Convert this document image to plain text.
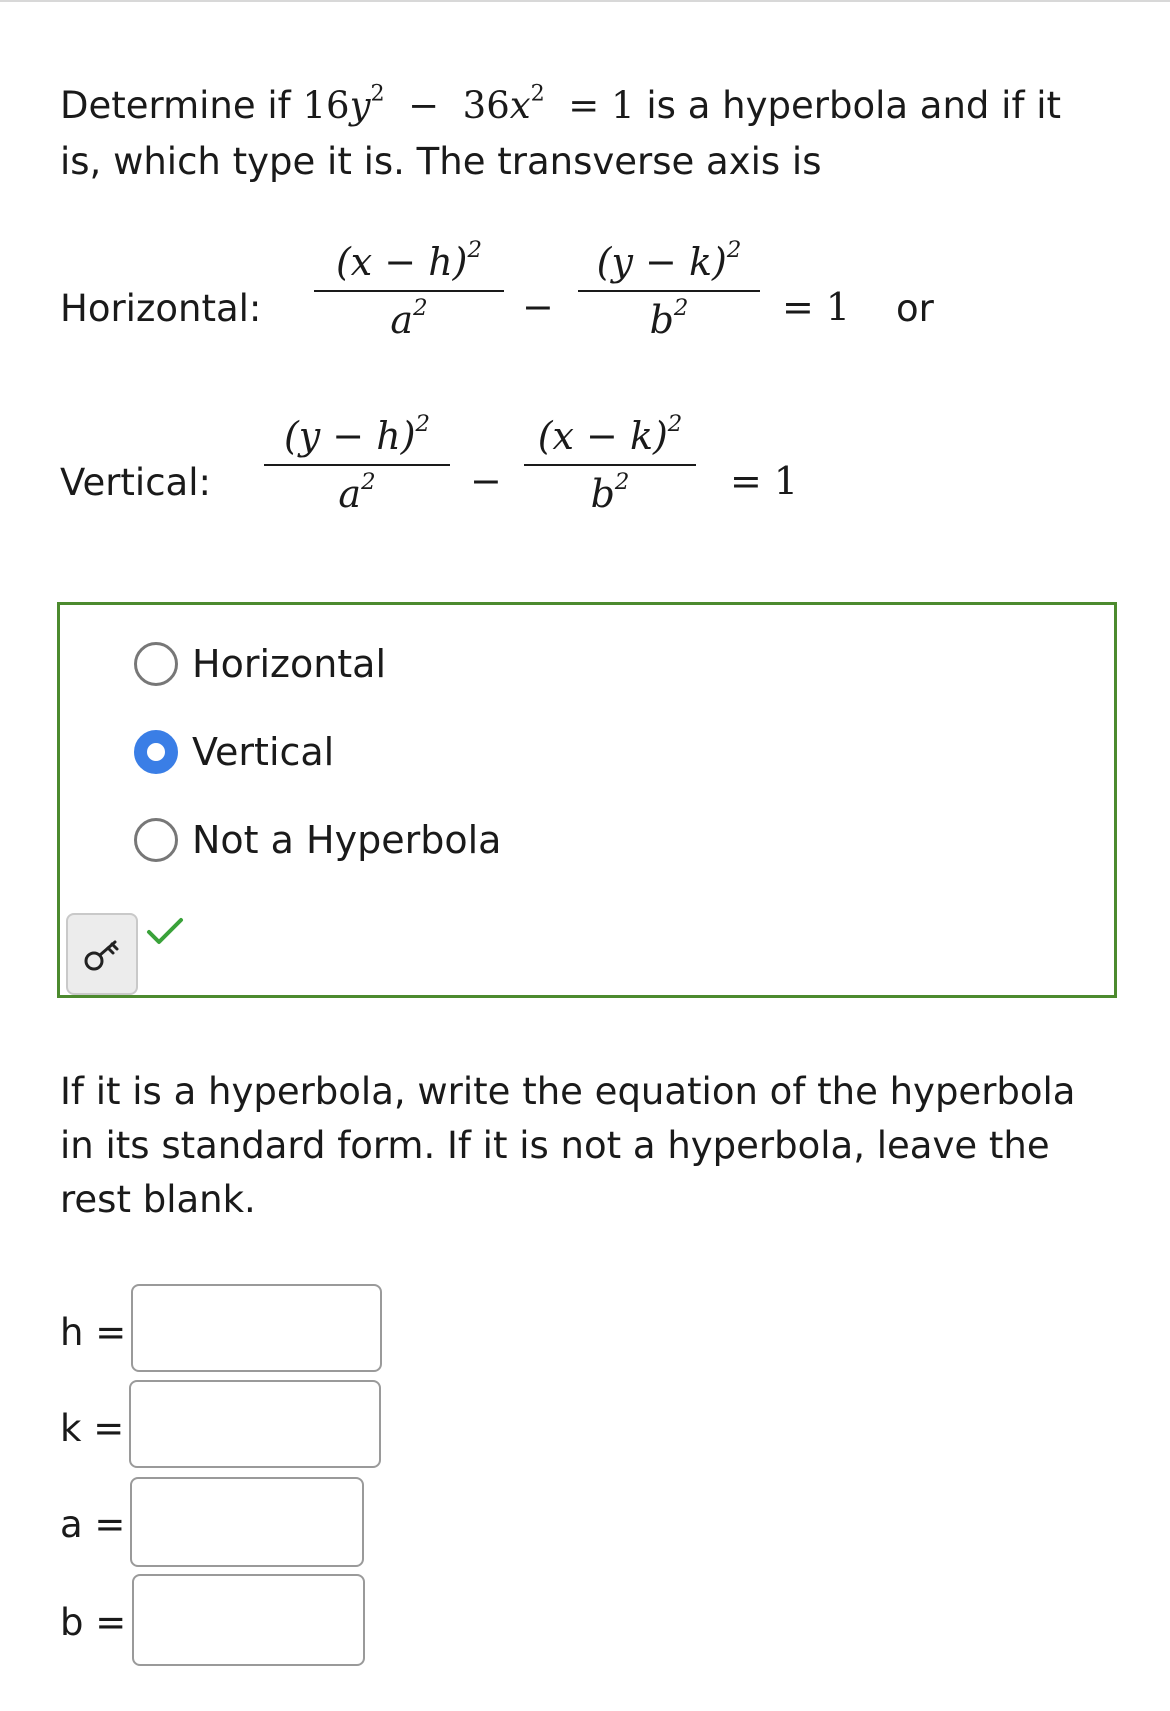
Determine if $16y^2 - 36x^2 = 1$ is a hyperbola and if it
is, which type it is. The transverse axis is
Horizontal:
$(x - h)^2$
$a^2$	−
$(y - k)^2$
$b^2$	= 1 or
Vertical:
$(y - h)^2$
$a^2$	−
$(x - k)^2$
$b^2$	= 1
Horizontal
Vertical
Not a Hyperbola
If it is a hyperbola, write the equation of the hyperbola
in its standard form. If it is not a hyperbola, leave the
rest blank.
h =
k =
a =
b =
